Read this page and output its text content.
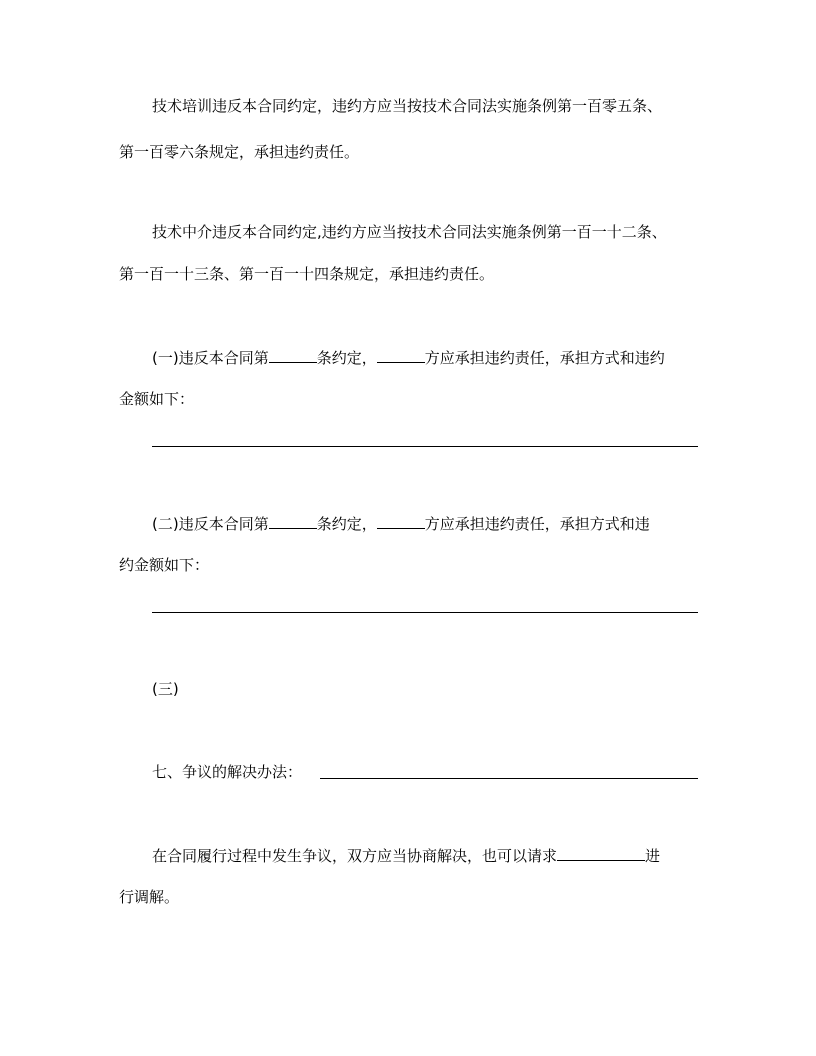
技术培训违反本合同约定，违约方应当按技术合同法实施条例第一百零五条、
第一百零六条规定，承担违约责任。
技术中介违反本合同约定,违约方应当按技术合同法实施条例第一百一十二条、
第一百一十三条、第一百一十四条规定，承担违约责任。
(一)违反本合同第	条约定，	方应承担违约责任，承担方式和违约
金额如下：
(二)违反本合同第	条约定，	方应承担违约责任，承担方式和违
约金额如下：
(三)
七、争议的解决办法：
在合同履行过程中发生争议，双方应当协商解决，也可以请求	进
行调解。
